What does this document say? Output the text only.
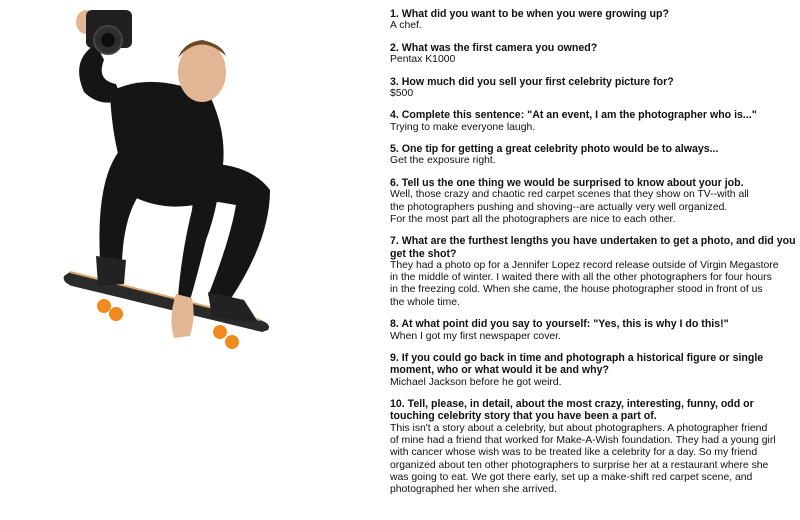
1. What did you want to be when you were growing up?
A chef.
2. What was the first camera you owned?
Pentax K1000
3. How much did you sell your first celebrity picture for?
$500
4. Complete this sentence: "At an event, I am the photographer who is..."
Trying to make everyone laugh.
5. One tip for getting a great celebrity photo would be to always...
Get the exposure right.
6. Tell us the one thing we would be surprised to know about your job.
Well, those crazy and chaotic red carpet scenes that they show on TV--with all
the photographers pushing and shoving--are actually very well organized.
For the most part all the photographers are nice to each other.
7. What are the furthest lengths you have undertaken to get a photo, and did you get the shot?
They had a photo op for a Jennifer Lopez record release outside of Virgin Megastore
in the middle of winter. I waited there with all the other photographers for four hours
in the freezing cold. When she came, the house photographer stood in front of us
the whole time.
8. At what point did you say to yourself: "Yes, this is why I do this!"
When I got my first newspaper cover.
9. If you could go back in time and photograph a historical figure or single moment, who or what would it be and why?
Michael Jackson before he got weird.
10. Tell, please, in detail, about the most crazy, interesting, funny, odd or touching celebrity story that you have been a part of.
This isn't a story about a celebrity, but about photographers. A photographer friend
of mine had a friend that worked for Make-A-Wish foundation. They had a young girl
with cancer whose wish was to be treated like a celebrity for a day. So my friend
organized about ten other photographers to surprise her at a restaurant where she
was going to eat. We got there early, set up a make-shift red carpet scene, and
photographed her when she arrived.
